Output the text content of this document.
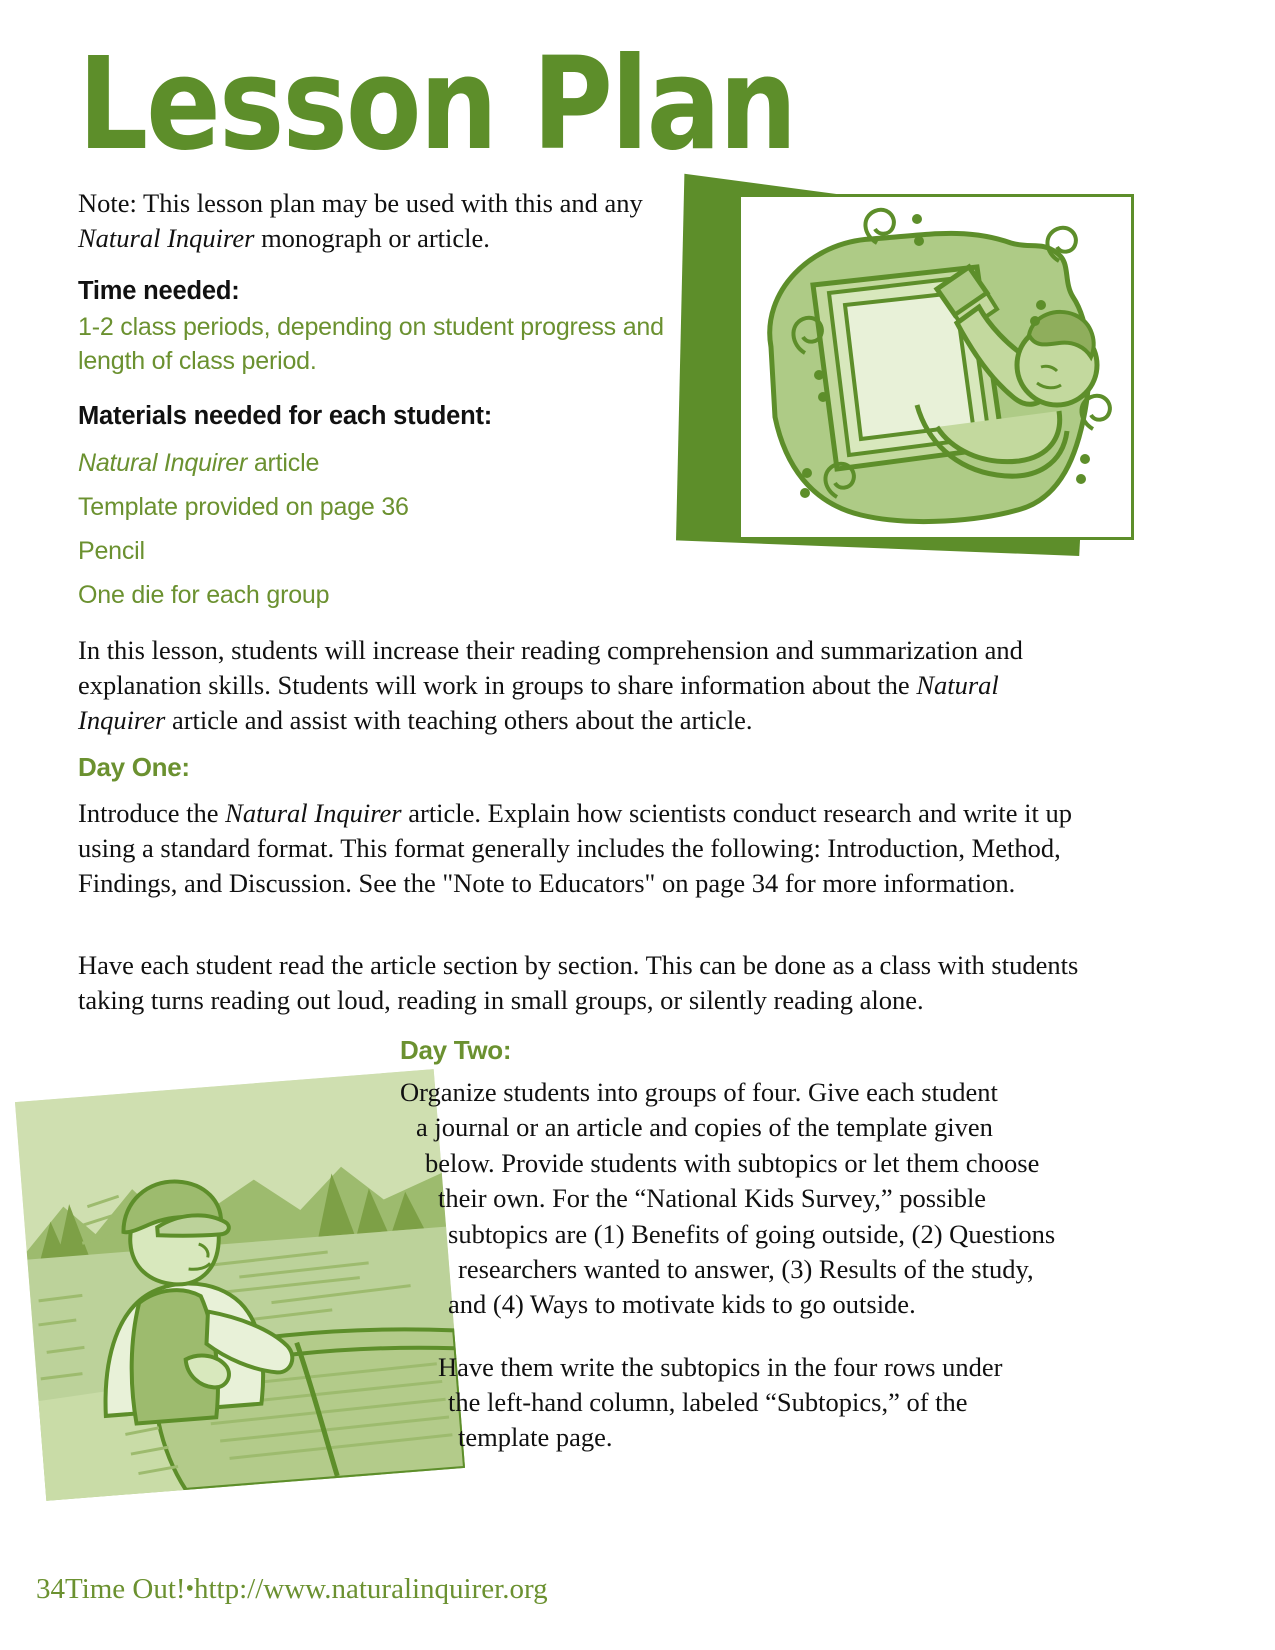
Lesson Plan
Note: This lesson plan may be used with this and any Natural Inquirer monograph or article.
Time needed:
1-2 class periods, depending on student progress and length of class period.
Materials needed for each student:
Natural Inquirer article
Template provided on page 36
Pencil
One die for each group
In this lesson, students will increase their reading comprehension and summarization and explanation skills. Students will work in groups to share information about the Natural Inquirer article and assist with teaching others about the article.
Day One:
Introduce the Natural Inquirer article. Explain how scientists conduct research and write it up using a standard format. This format generally includes the following: Introduction, Method, Findings, and Discussion. See the "Note to Educators" on page 34 for more information.
Have each student read the article section by section. This can be done as a class with students taking turns reading out loud, reading in small groups, or silently reading alone.
Day Two:
Organize students into groups of four. Give each student
a journal or an article and copies of the template given
below. Provide students with subtopics or let them choose
their own. For the “National Kids Survey,” possible
subtopics are (1) Benefits of going outside, (2) Questions
researchers wanted to answer, (3) Results of the study,
and (4) Ways to motivate kids to go outside.
Have them write the subtopics in the four rows under
the left-hand column, labeled “Subtopics,” of the
template page.
34Time Out!•http://www.naturalinquirer.org
